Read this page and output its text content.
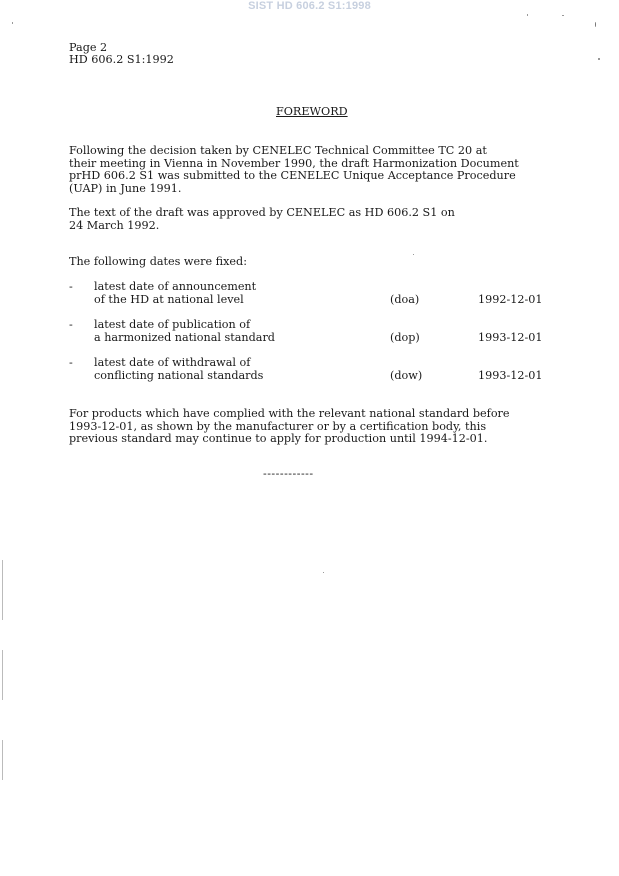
SIST HD 606.2 S1:1998
Page 2
HD 606.2 S1:1992
FOREWORD
Following the decision taken by CENELEC Technical Committee TC 20 at
their meeting in Vienna in November 1990, the draft Harmonization Document
prHD 606.2 S1 was submitted to the CENELEC Unique Acceptance Procedure
(UAP) in June 1991.
The text of the draft was approved by CENELEC as HD 606.2 S1 on
24 March 1992.
The following dates were fixed:
- latest date of announcement
of the HD at national level	(doa)	1992-12-01
- latest date of publication of
a harmonized national standard	(dop)	1993-12-01
- latest date of withdrawal of
conflicting national standards	(dow)	1993-12-01
For products which have complied with the relevant national standard before
1993-12-01, as shown by the manufacturer or by a certification body, this
previous standard may continue to apply for production until 1994-12-01.
------------
